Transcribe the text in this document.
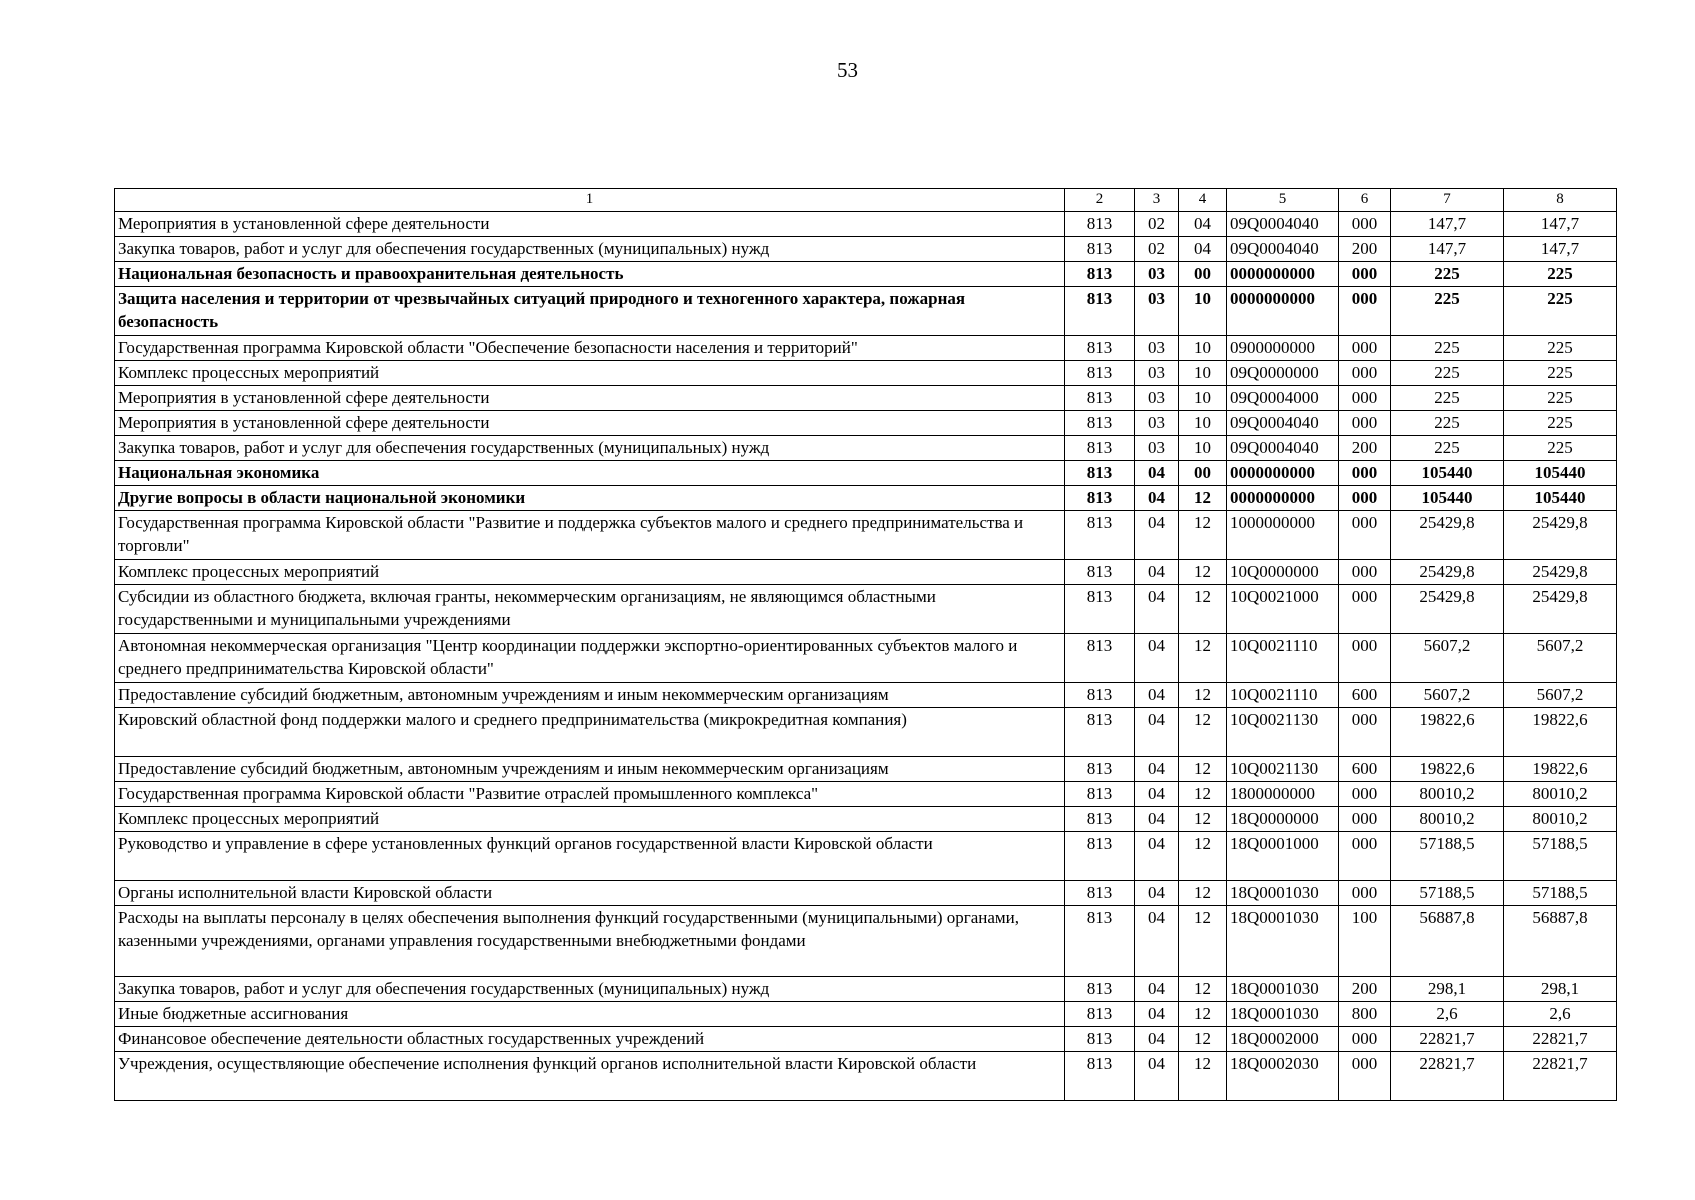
53
1	2	3	4	5	6	7	8
Мероприятия в установленной сфере деятельности	813	02	04	09Q0004040	000	147,7	147,7
Закупка товаров, работ и услуг для обеспечения государственных (муниципальных) нужд	813	02	04	09Q0004040	200	147,7	147,7
Национальная безопасность и правоохранительная деятельность	813	03	00	0000000000	000	225	225
Защита населения и территории от чрезвычайных ситуаций природного и техногенного характера, пожарная безопасность	813	03	10	0000000000	000	225	225
Государственная программа Кировской области "Обеспечение безопасности населения и территорий"	813	03	10	0900000000	000	225	225
Комплекс процессных мероприятий	813	03	10	09Q0000000	000	225	225
Мероприятия в установленной сфере деятельности	813	03	10	09Q0004000	000	225	225
Мероприятия в установленной сфере деятельности	813	03	10	09Q0004040	000	225	225
Закупка товаров, работ и услуг для обеспечения государственных (муниципальных) нужд	813	03	10	09Q0004040	200	225	225
Национальная экономика	813	04	00	0000000000	000	105440	105440
Другие вопросы в области национальной экономики	813	04	12	0000000000	000	105440	105440
Государственная программа Кировской области "Развитие и поддержка субъектов малого и среднего предпринимательства и торговли"	813	04	12	1000000000	000	25429,8	25429,8
Комплекс процессных мероприятий	813	04	12	10Q0000000	000	25429,8	25429,8
Субсидии из областного бюджета, включая гранты, некоммерческим организациям, не являющимся областными государственными и муниципальными учреждениями	813	04	12	10Q0021000	000	25429,8	25429,8
Автономная некоммерческая организация "Центр координации поддержки экспортно-ориентированных субъектов малого и среднего предпринимательства Кировской области"	813	04	12	10Q0021110	000	5607,2	5607,2
Предоставление субсидий бюджетным, автономным учреждениям и иным некоммерческим организациям	813	04	12	10Q0021110	600	5607,2	5607,2
Кировский областной фонд поддержки малого и среднего предпринимательства (микрокредитная компания)	813	04	12	10Q0021130	000	19822,6	19822,6
Предоставление субсидий бюджетным, автономным учреждениям и иным некоммерческим организациям	813	04	12	10Q0021130	600	19822,6	19822,6
Государственная программа Кировской области "Развитие отраслей промышленного комплекса"	813	04	12	1800000000	000	80010,2	80010,2
Комплекс процессных мероприятий	813	04	12	18Q0000000	000	80010,2	80010,2
Руководство и управление в сфере установленных функций органов государственной власти Кировской области	813	04	12	18Q0001000	000	57188,5	57188,5
Органы исполнительной власти Кировской области	813	04	12	18Q0001030	000	57188,5	57188,5
Расходы на выплаты персоналу в целях обеспечения выполнения функций государственными (муниципальными) органами, казенными учреждениями, органами управления государственными внебюджетными фондами	813	04	12	18Q0001030	100	56887,8	56887,8
Закупка товаров, работ и услуг для обеспечения государственных (муниципальных) нужд	813	04	12	18Q0001030	200	298,1	298,1
Иные бюджетные ассигнования	813	04	12	18Q0001030	800	2,6	2,6
Финансовое обеспечение деятельности областных государственных учреждений	813	04	12	18Q0002000	000	22821,7	22821,7
Учреждения, осуществляющие обеспечение исполнения функций органов исполнительной власти Кировской области	813	04	12	18Q0002030	000	22821,7	22821,7
